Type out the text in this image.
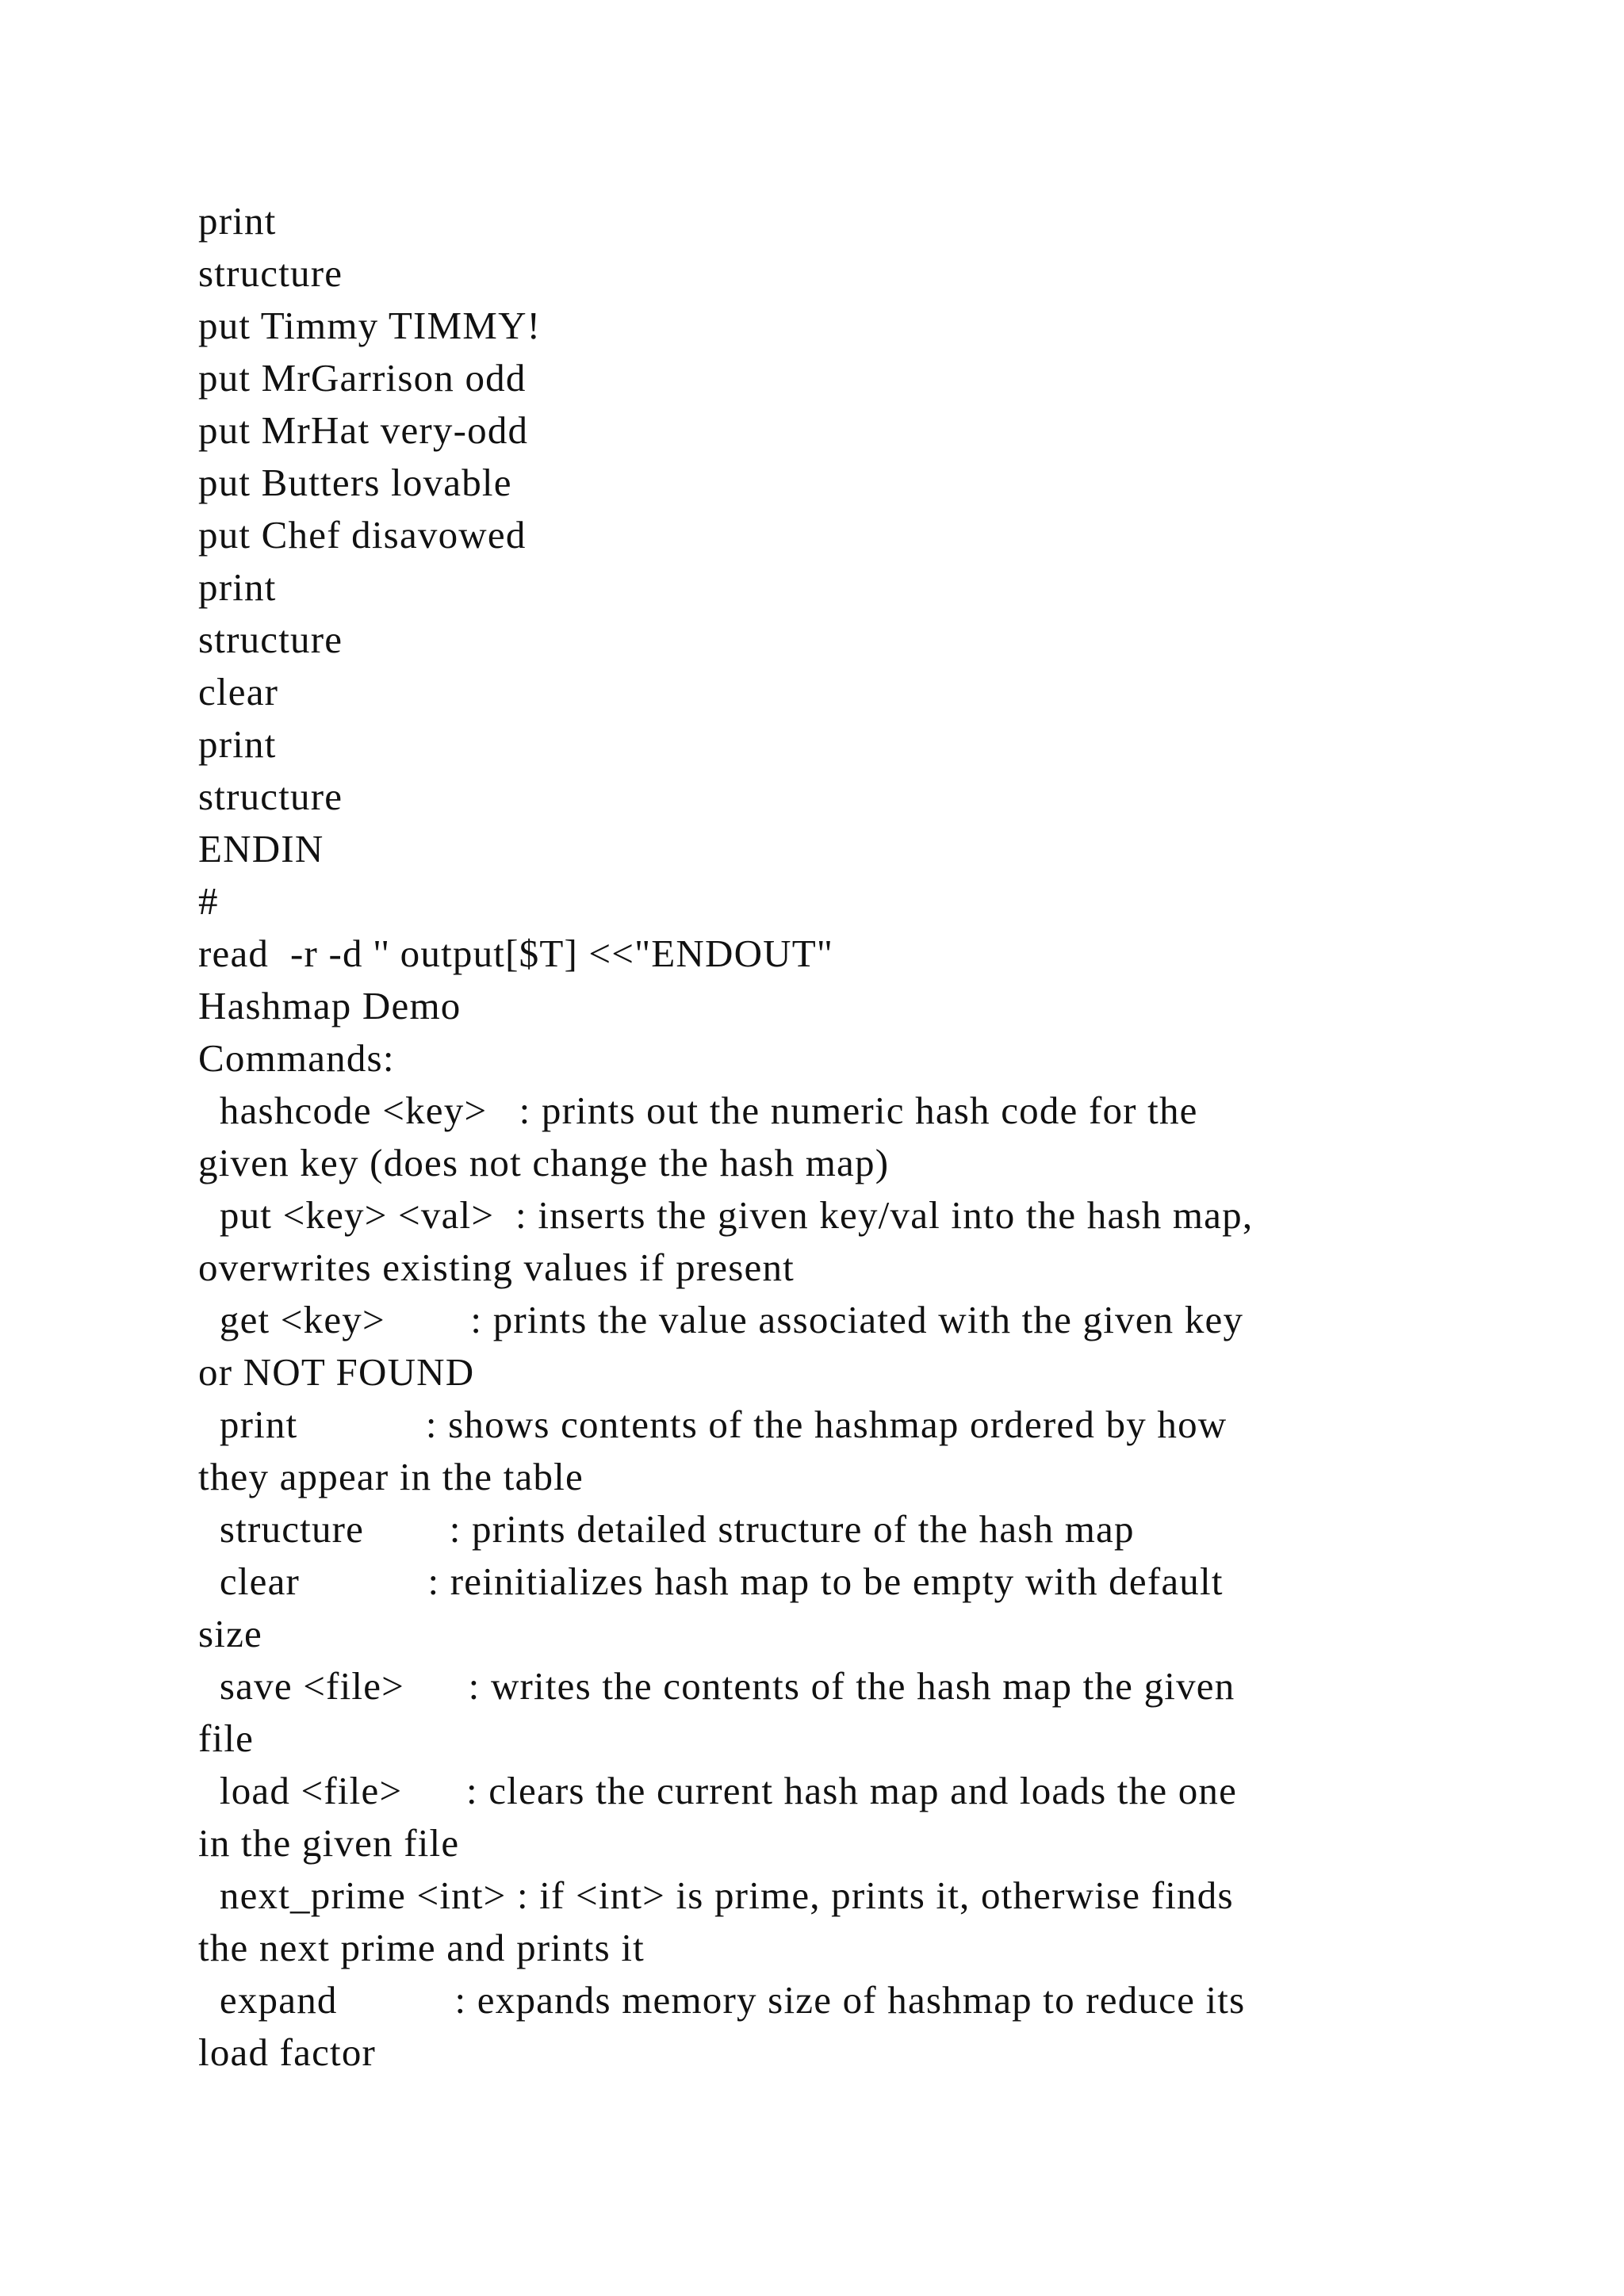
print
structure
put Timmy TIMMY!
put MrGarrison odd
put MrHat very-odd
put Butters lovable
put Chef disavowed
print
structure
clear
print
structure
ENDIN
#
read  -r -d '' output[$T] <<"ENDOUT"
Hashmap Demo
Commands:
hashcode <key>   : prints out the numeric hash code for the
given key (does not change the hash map)
put <key> <val>  : inserts the given key/val into the hash map,
overwrites existing values if present
get <key>        : prints the value associated with the given key
or NOT FOUND
print            : shows contents of the hashmap ordered by how
they appear in the table
structure        : prints detailed structure of the hash map
clear            : reinitializes hash map to be empty with default
size
save <file>      : writes the contents of the hash map the given
file
load <file>      : clears the current hash map and loads the one
in the given file
next_prime <int> : if <int> is prime, prints it, otherwise finds
the next prime and prints it
expand           : expands memory size of hashmap to reduce its
load factor
